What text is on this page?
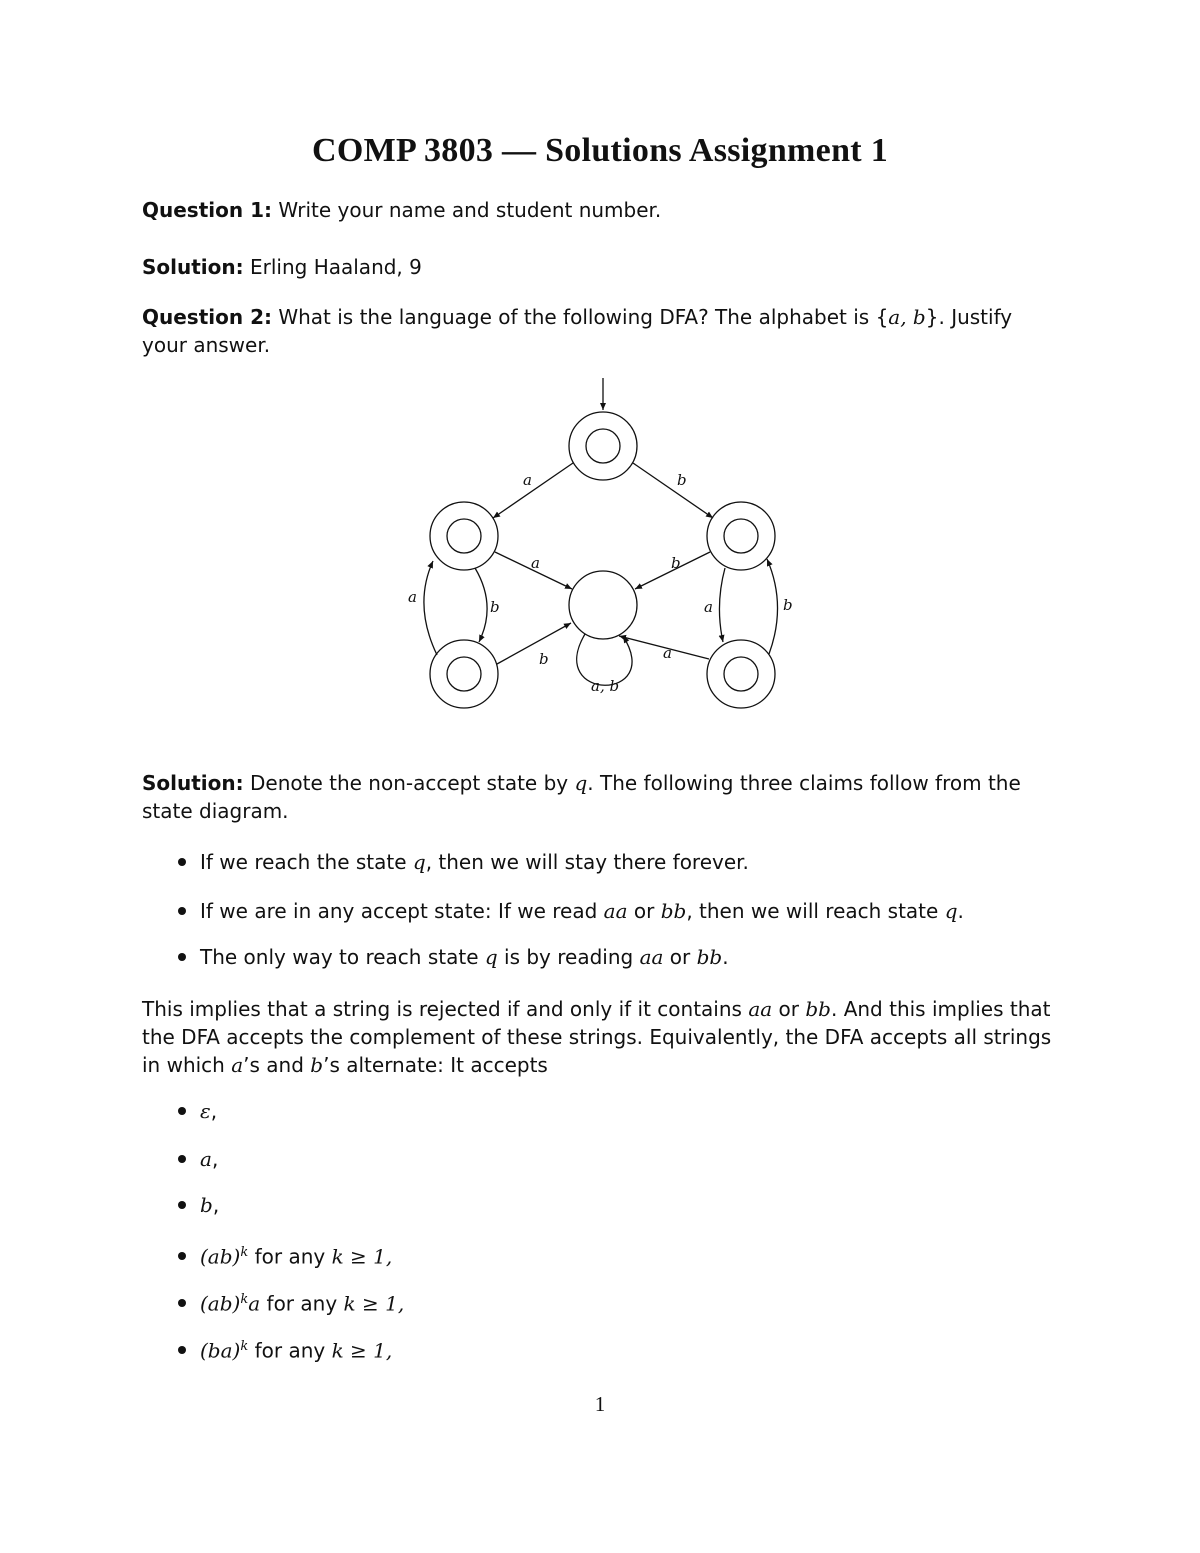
COMP 3803 — Solutions Assignment 1
Question 1: Write your name and student number.
Solution: Erling Haaland, 9
Question 2: What is the language of the following DFA? The alphabet is {a, b}. Justify your answer.
a	b
a	b
a
b	a	b
b	a
a, b
Solution: Denote the non-accept state by q. The following three claims follow from the state diagram.
If we reach the state q, then we will stay there forever.
If we are in any accept state: If we read aa or bb, then we will reach state q.
The only way to reach state q is by reading aa or bb.
This implies that a string is rejected if and only if it contains aa or bb. And this implies that the DFA accepts the complement of these strings. Equivalently, the DFA accepts all strings in which a’s and b’s alternate: It accepts
ε,
a,
b,
(ab)$^k$ for any k ≥ 1,
(ab)$^k$a for any k ≥ 1,
(ba)$^k$ for any k ≥ 1,
1
